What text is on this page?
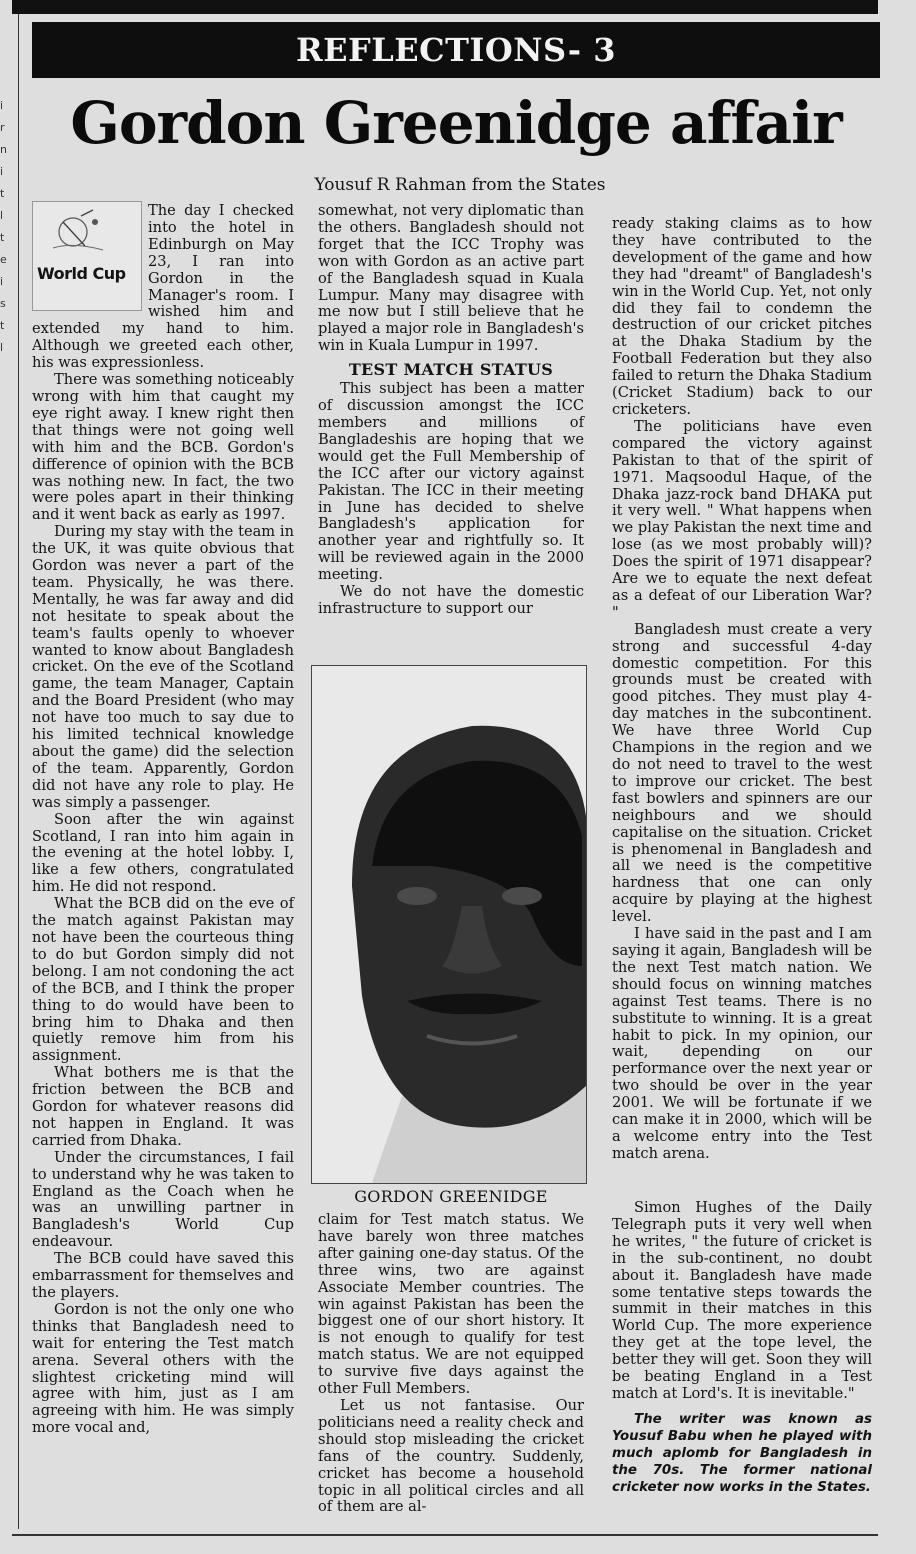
i
r
n
i
t
l
t
e
i
s
t
l
REFLECTIONS- 3
Gordon Greenidge affair
Yousuf R Rahman from the States
World Cup

The day I checked into the hotel in Edinburgh on May 23, I ran into Gordon in the Manager's room. I wished him and extended my hand to him. Although we greeted each other, his was expressionless.

There was something noticeably wrong with him that caught my eye right away. I knew right then that things were not going well with him and the BCB. Gordon's difference of opinion with the BCB was nothing new. In fact, the two were poles apart in their thinking and it went back as early as 1997.

During my stay with the team in the UK, it was quite obvious that Gordon was never a part of the team. Physically, he was there. Mentally, he was far away and did not hesitate to speak about the team's faults openly to whoever wanted to know about Bangladesh cricket. On the eve of the Scotland game, the team Manager, Captain and the Board President (who may not have too much to say due to his limited technical knowledge about the game) did the selection of the team. Apparently, Gordon did not have any role to play. He was simply a passenger.

Soon after the win against Scotland, I ran into him again in the evening at the hotel lobby. I, like a few others, congratulated him. He did not respond.

What the BCB did on the eve of the match against Pakistan may not have been the courteous thing to do but Gordon simply did not belong. I am not condoning the act of the BCB, and I think the proper thing to do would have been to bring him to Dhaka and then quietly remove him from his assignment.

What bothers me is that the friction between the BCB and Gordon for whatever reasons did not happen in England. It was carried from Dhaka.

Under the circumstances, I fail to understand why he was taken to England as the Coach when he was an unwilling partner in Bangladesh's World Cup endeavour.

The BCB could have saved this embarrassment for themselves and the players.

Gordon is not the only one who thinks that Bangladesh need to wait for entering the Test match arena. Several others with the slightest cricketing mind will agree with him, just as I am agreeing with him. He was simply more vocal and,

somewhat, not very diplomatic than the others. Bangladesh should not forget that the ICC Trophy was won with Gordon as an active part of the Bangladesh squad in Kuala Lumpur. Many may disagree with me now but I still believe that he played a major role in Bangladesh's win in Kuala Lumpur in 1997.

TEST MATCH STATUS

This subject has been a matter of discussion amongst the ICC members and millions of Bangladeshis are hoping that we would get the Full Membership of the ICC after our victory against Pakistan. The ICC in their meeting in June has decided to shelve Bangladesh's application for another year and rightfully so. It will be reviewed again in the 2000 meeting.

We do not have the domestic infrastructure to support our

GORDON GREENIDGE

claim for Test match status. We have barely won three matches after gaining one-day status. Of the three wins, two are against Associate Member countries. The win against Pakistan has been the biggest one of our short history. It is not enough to qualify for test match status. We are not equipped to survive five days against the other Full Members.

Let us not fantasise. Our politicians need a reality check and should stop misleading the cricket fans of the country. Suddenly, cricket has become a household topic in all political circles and all of them are al-

ready staking claims as to how they have contributed to the development of the game and how they had "dreamt" of Bangladesh's win in the World Cup. Yet, not only did they fail to condemn the destruction of our cricket pitches at the Dhaka Stadium by the Football Federation but they also failed to return the Dhaka Stadium (Cricket Stadium) back to our cricketers.

The politicians have even compared the victory against Pakistan to that of the spirit of 1971. Maqsoodul Haque, of the Dhaka jazz-rock band DHAKA put it very well. " What happens when we play Pakistan the next time and lose (as we most probably will)? Does the spirit of 1971 disappear? Are we to equate the next defeat as a defeat of our Liberation War? "

Bangladesh must create a very strong and successful 4-day domestic competition. For this grounds must be created with good pitches. They must play 4-day matches in the subcontinent. We have three World Cup Champions in the region and we do not need to travel to the west to improve our cricket. The best fast bowlers and spinners are our neighbours and we should capitalise on the situation. Cricket is phenomenal in Bangladesh and all we need is the competitive hardness that one can only acquire by playing at the highest level.

I have said in the past and I am saying it again, Bangladesh will be the next Test match nation. We should focus on winning matches against Test teams. There is no substitute to winning. It is a great habit to pick. In my opinion, our wait, depending on our performance over the next year or two should be over in the year 2001. We will be fortunate if we can make it in 2000, which will be a welcome entry into the Test match arena.

Simon Hughes of the Daily Telegraph puts it very well when he writes, " the future of cricket is in the sub-continent, no doubt about it. Bangladesh have made some tentative steps towards the summit in their matches in this World Cup. The more experience they get at the tope level, the better they will get. Soon they will be beating England in a Test match at Lord's. It is inevitable."

The writer was known as Yousuf Babu when he played with much aplomb for Bangladesh in the 70s. The former national cricketer now works in the States.
